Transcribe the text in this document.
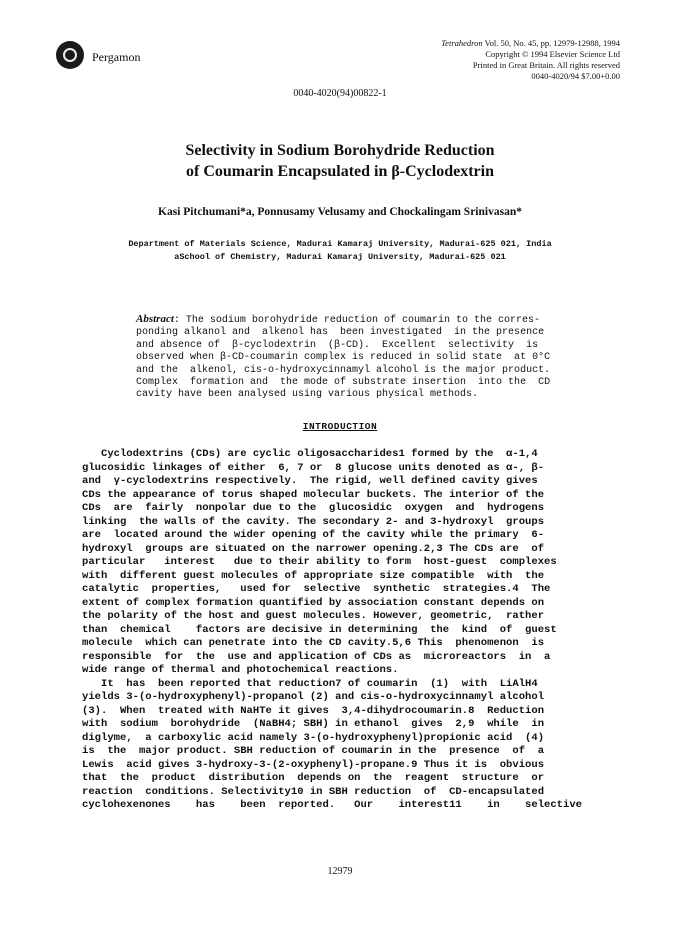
Pergamon
Tetrahedron Vol. 50, No. 45, pp. 12979-12988, 1994
Copyright © 1994 Elsevier Science Ltd
Printed in Great Britain. All rights reserved
0040-4020/94 $7.00+0.00
0040-4020(94)00822-1
Selectivity in Sodium Borohydride Reduction
of Coumarin Encapsulated in β-Cyclodextrin
Kasi Pitchumani*a, Ponnusamy Velusamy and Chockalingam Srinivasan*
Department of Materials Science, Madurai Kamaraj University, Madurai-625 021, India
aSchool of Chemistry, Madurai Kamaraj University, Madurai-625 021
Abstract: The sodium borohydride reduction of coumarin to the corres-
ponding alkanol and  alkenol has  been investigated  in the presence
and absence of  β-cyclodextrin  (β-CD).  Excellent  selectivity  is
observed when β-CD-coumarin complex is reduced in solid state  at 0°C
and the  alkenol, cis-o-hydroxycinnamyl alcohol is the major product.
Complex  formation and  the mode of substrate insertion  into the  CD
cavity have been analysed using various physical methods.
INTRODUCTION
Cyclodextrins (CDs) are cyclic oligosaccharides1 formed by the  α-1,4
glucosidic linkages of either  6, 7 or  8 glucose units denoted as α-, β-
and  γ-cyclodextrins respectively.  The rigid, well defined cavity gives
CDs the appearance of torus shaped molecular buckets. The interior of the
CDs  are  fairly  nonpolar due to the  glucosidic  oxygen  and  hydrogens
linking  the walls of the cavity. The secondary 2- and 3-hydroxyl  groups
are  located around the wider opening of the cavity while the primary  6-
hydroxyl  groups are situated on the narrower opening.2,3 The CDs are  of
particular   interest   due to their ability to form  host-guest  complexes
with  different guest molecules of appropriate size compatible  with  the
catalytic  properties,   used for  selective  synthetic  strategies.4  The
extent of complex formation quantified by association constant depends on
the polarity of the host and guest molecules. However, geometric,  rather
than  chemical    factors are decisive in determining  the  kind  of  guest
molecule  which can penetrate into the CD cavity.5,6 This  phenomenon  is
responsible  for  the  use and application of CDs as  microreactors  in  a
wide range of thermal and photochemical reactions.
It  has  been reported that reduction7 of coumarin  (1)  with  LiAlH4
yields 3-(o-hydroxyphenyl)-propanol (2) and cis-o-hydroxycinnamyl alcohol
(3).  When  treated with NaHTe it gives  3,4-dihydrocoumarin.8  Reduction
with  sodium  borohydride  (NaBH4; SBH) in ethanol  gives  2,9  while  in
diglyme,  a carboxylic acid namely 3-(o-hydroxyphenyl)propionic acid  (4)
is  the  major product. SBH reduction of coumarin in the  presence  of  a
Lewis  acid gives 3-hydroxy-3-(2-oxyphenyl)-propane.9 Thus it is  obvious
that  the  product  distribution  depends on  the  reagent  structure  or
reaction  conditions. Selectivity10 in SBH reduction  of  CD-encapsulated
cyclohexenones    has    been  reported.   Our    interest11    in    selective
12979
